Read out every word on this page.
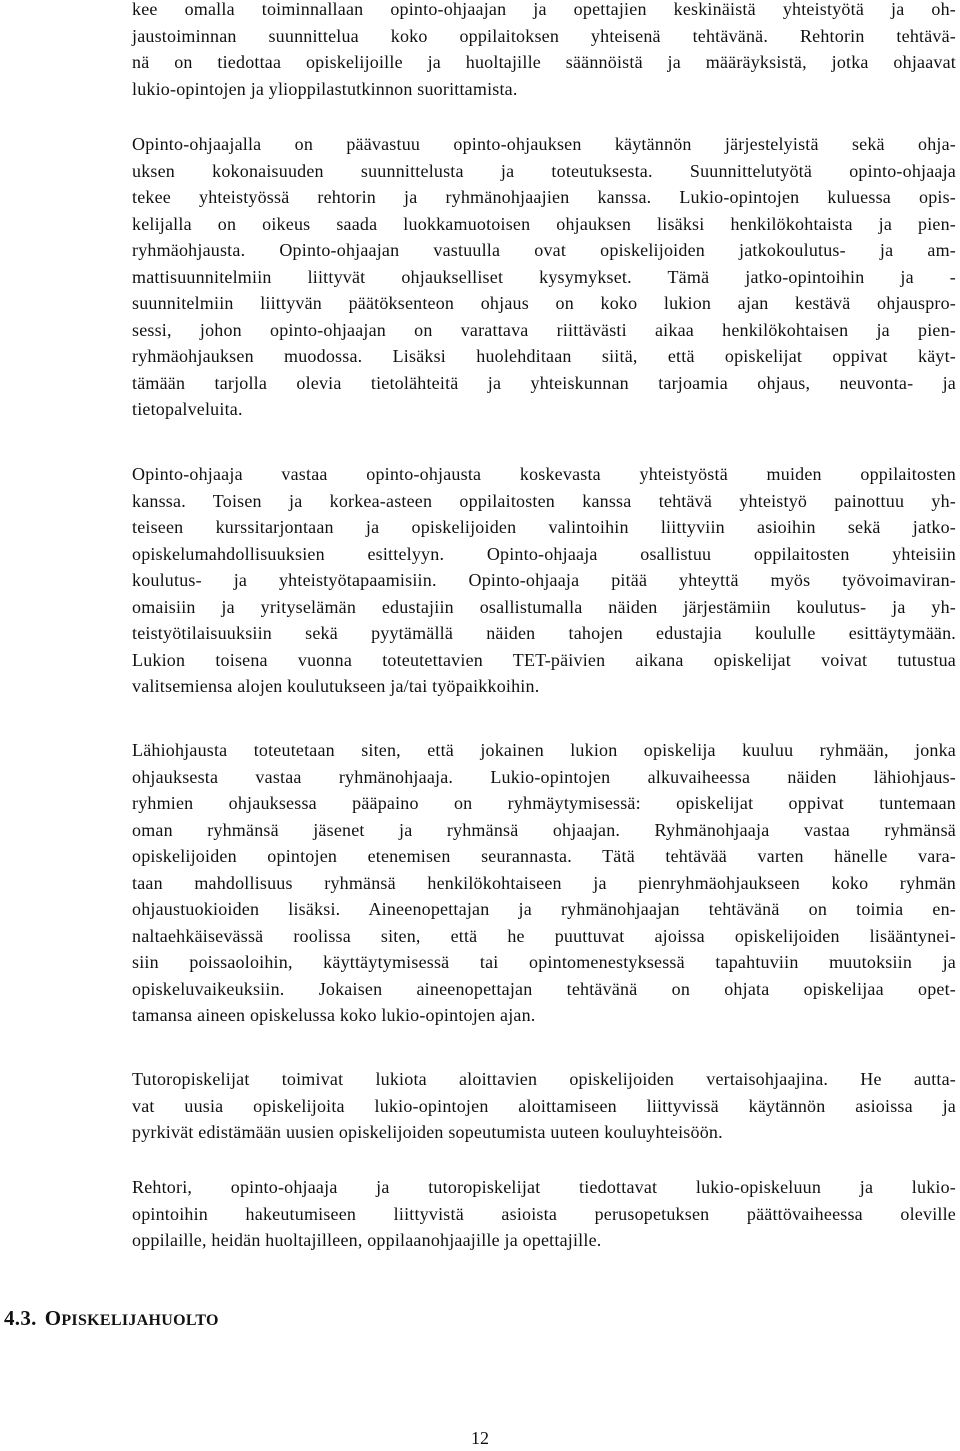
kee omalla toiminnallaan opinto-ohjaajan ja opettajien keskinäistä yhteistyötä ja oh-
jaustoiminnan suunnittelua koko oppilaitoksen yhteisenä tehtävänä. Rehtorin tehtävä-
nä on tiedottaa opiskelijoille ja huoltajille säännöistä ja määräyksistä, jotka ohjaavat
lukio-opintojen ja ylioppilastutkinnon suorittamista.
Opinto-ohjaajalla on päävastuu opinto-ohjauksen käytännön järjestelyistä sekä ohja-
uksen kokonaisuuden suunnittelusta ja toteutuksesta. Suunnittelutyötä opinto-ohjaaja
tekee yhteistyössä rehtorin ja ryhmänohjaajien kanssa. Lukio-opintojen kuluessa opis-
kelijalla on oikeus saada luokkamuotoisen ohjauksen lisäksi henkilökohtaista ja pien-
ryhmäohjausta. Opinto-ohjaajan vastuulla ovat opiskelijoiden jatkokoulutus- ja am-
mattisuunnitelmiin liittyvät ohjaukselliset kysymykset. Tämä jatko-opintoihin ja -
suunnitelmiin liittyvän päätöksenteon ohjaus on koko lukion ajan kestävä ohjauspro-
sessi, johon opinto-ohjaajan on varattava riittävästi aikaa henkilökohtaisen ja pien-
ryhmäohjauksen muodossa. Lisäksi huolehditaan siitä, että opiskelijat oppivat käyt-
tämään tarjolla olevia tietolähteitä ja yhteiskunnan tarjoamia ohjaus, neuvonta- ja
tietopalveluita.
Opinto-ohjaaja vastaa opinto-ohjausta koskevasta yhteistyöstä muiden oppilaitosten
kanssa. Toisen ja korkea-asteen oppilaitosten kanssa tehtävä yhteistyö painottuu yh-
teiseen kurssitarjontaan ja opiskelijoiden valintoihin liittyviin asioihin sekä jatko-
opiskelumahdollisuuksien esittelyyn. Opinto-ohjaaja osallistuu oppilaitosten yhteisiin
koulutus- ja yhteistyötapaamisiin. Opinto-ohjaaja pitää yhteyttä myös työvoimaviran-
omaisiin ja yrityselämän edustajiin osallistumalla näiden järjestämiin koulutus- ja yh-
teistyötilaisuuksiin sekä pyytämällä näiden tahojen edustajia koululle esittäytymään.
Lukion toisena vuonna toteutettavien TET-päivien aikana opiskelijat voivat tutustua
valitsemiensa alojen koulutukseen ja/tai työpaikkoihin.
Lähiohjausta toteutetaan siten, että jokainen lukion opiskelija kuuluu ryhmään, jonka
ohjauksesta vastaa ryhmänohjaaja. Lukio-opintojen alkuvaiheessa näiden lähiohjaus-
ryhmien ohjauksessa pääpaino on ryhmäytymisessä: opiskelijat oppivat tuntemaan
oman ryhmänsä jäsenet ja ryhmänsä ohjaajan. Ryhmänohjaaja vastaa ryhmänsä
opiskelijoiden opintojen etenemisen seurannasta. Tätä tehtävää varten hänelle vara-
taan mahdollisuus ryhmänsä henkilökohtaiseen ja pienryhmäohjaukseen koko ryhmän
ohjaustuokioiden lisäksi. Aineenopettajan ja ryhmänohjaajan tehtävänä on toimia en-
naltaehkäisevässä roolissa siten, että he puuttuvat ajoissa opiskelijoiden lisääntynei-
siin poissaoloihin, käyttäytymisessä tai opintomenestyksessä tapahtuviin muutoksiin ja
opiskeluvaikeuksiin. Jokaisen aineenopettajan tehtävänä on ohjata opiskelijaa opet-
tamansa aineen opiskelussa koko lukio-opintojen ajan.
Tutoropiskelijat toimivat lukiota aloittavien opiskelijoiden vertaisohjaajina. He autta-
vat uusia opiskelijoita lukio-opintojen aloittamiseen liittyvissä käytännön asioissa ja
pyrkivät edistämään uusien opiskelijoiden sopeutumista uuteen kouluyhteisöön.
Rehtori, opinto-ohjaaja ja tutoropiskelijat tiedottavat lukio-opiskeluun ja lukio-
opintoihin hakeutumiseen liittyvistä asioista perusopetuksen päättövaiheessa oleville
oppilaille, heidän huoltajilleen, oppilaanohjaajille ja opettajille.
4.3. OPISKELIJAHUOLTO
12
